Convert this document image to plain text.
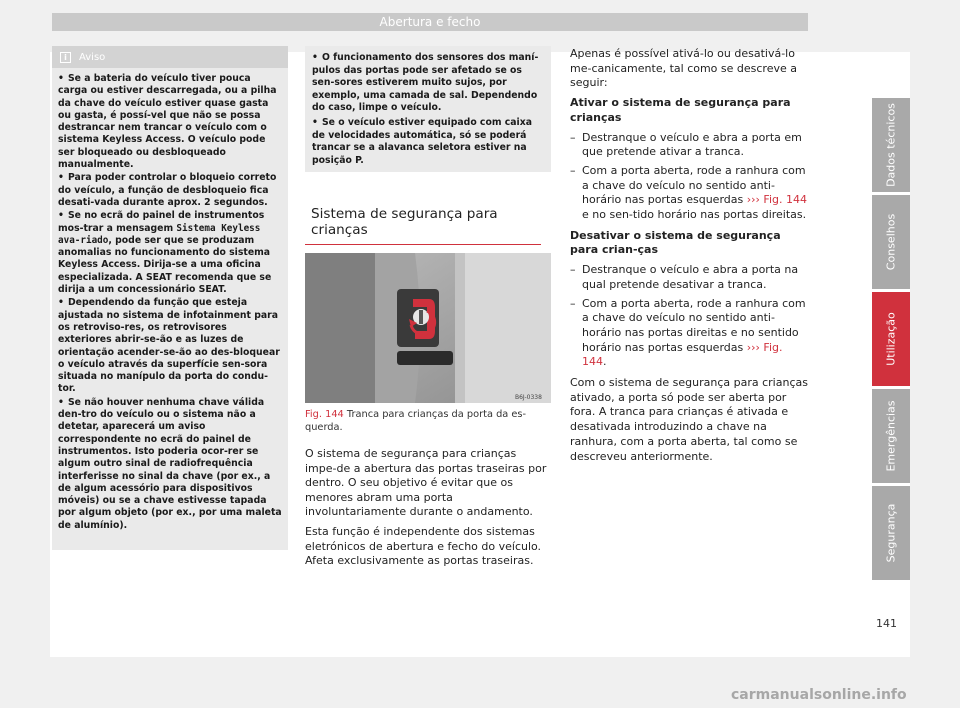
Abertura e fecho
i	Aviso

• Se a bateria do veículo tiver pouca carga ou estiver descarregada, ou a pilha da chave do veículo estiver quase gasta ou gasta, é possí-vel que não se possa destrancar nem trancar o veículo com o sistema Keyless Access. O veículo pode ser bloqueado ou desbloqueado manualmente.

• Para poder controlar o bloqueio correto do veículo, a função de desbloqueio fica desati-vada durante aprox. 2 segundos.

• Se no ecrã do painel de instrumentos mos-trar a mensagem Sistema Keyless ava-riado, pode ser que se produzam anomalias no funcionamento do sistema Keyless Access. Dirija-se a uma oficina especializada. A SEAT recomenda que se dirija a um concessionário SEAT.

• Dependendo da função que esteja ajustada no sistema de infotainment para os retroviso-res, os retrovisores exteriores abrir-se-ão e as luzes de orientação acender-se-ão ao des-bloquear o veículo através da superfície sen-sora situada no manípulo da porta do condu-tor.

• Se não houver nenhuma chave válida den-tro do veículo ou o sistema não a detetar, aparecerá um aviso correspondente no ecrã do painel de instrumentos. Isto poderia ocor-rer se algum outro sinal de radiofrequência interferisse no sinal da chave (por ex., a de algum acessório para dispositivos móveis) ou se a chave estivesse tapada por algum objeto (por ex., por uma maleta de alumínio).

• O funcionamento dos sensores dos maní-pulos das portas pode ser afetado se os sen-sores estiverem muito sujos, por exemplo, uma camada de sal. Dependendo do caso, limpe o veículo.

• Se o veículo estiver equipado com caixa de velocidades automática, só se poderá trancar se a alavanca seletora estiver na posição P.

Sistema de segurança para crianças
B6J-0338
Fig. 144 Tranca para crianças da porta da es-querda.

O sistema de segurança para crianças impe-de a abertura das portas traseiras por dentro. O seu objetivo é evitar que os menores abram uma porta involuntariamente durante o andamento.

Esta função é independente dos sistemas eletrónicos de abertura e fecho do veículo. Afeta exclusivamente as portas traseiras.

Apenas é possível ativá-lo ou desativá-lo me-canicamente, tal como se descreve a seguir:

Ativar o sistema de segurança para crianças

– Destranque o veículo e abra a porta em que pretende ativar a tranca.
– Com a porta aberta, rode a ranhura com a chave do veículo no sentido anti-horário nas portas esquerdas ››› Fig. 144 e no sen-tido horário nas portas direitas.

Desativar o sistema de segurança para crian-ças

– Destranque o veículo e abra a porta na qual pretende desativar a tranca.
– Com a porta aberta, rode a ranhura com a chave do veículo no sentido anti-horário nas portas direitas e no sentido horário nas portas esquerdas ››› Fig. 144.

Com o sistema de segurança para crianças ativado, a porta só pode ser aberta por fora. A tranca para crianças é ativada e desativada introduzindo a chave na ranhura, com a porta aberta, tal como se descreveu anteriormente.

Dados técnicos
Conselhos
Utilização
Emergências
Segurança
141
carmanualsonline.info
